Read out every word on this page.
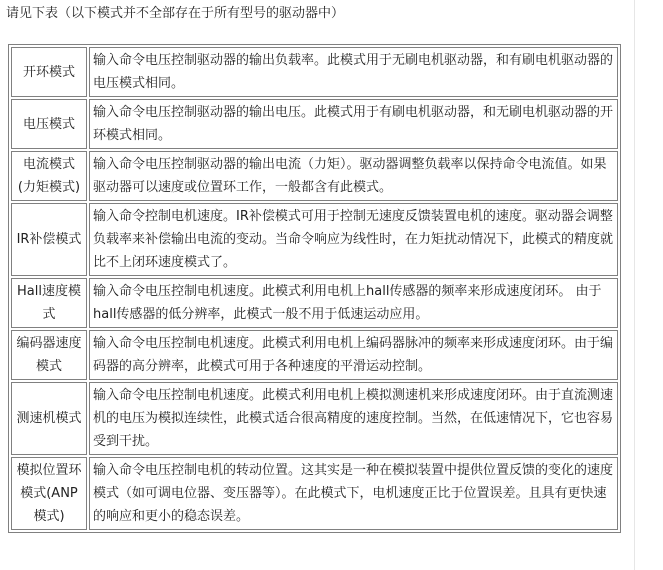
请见下表（以下模式并不全部存在于所有型号的驱动器中）
开环模式	输入命令电压控制驱动器的输出负载率。此模式用于无刷电机驱动器，和有刷电机驱动器的电压模式相同。
电压模式	输入命令电压控制驱动器的输出电压。此模式用于有刷电机驱动器，和无刷电机驱动器的开环模式相同。
电流模式(力矩模式)	输入命令电压控制驱动器的输出电流（力矩）。驱动器调整负载率以保持命令电流值。如果驱动器可以速度或位置环工作，一般都含有此模式。
IR补偿模式	输入命令控制电机速度。IR补偿模式可用于控制无速度反馈装置电机的速度。驱动器会调整负载率来补偿输出电流的变动。当命令响应为线性时，在力矩扰动情况下，此模式的精度就比不上闭环速度模式了。
Hall速度模式	输入命令电压控制电机速度。此模式利用电机上hall传感器的频率来形成速度闭环。 由于hall传感器的低分辨率，此模式一般不用于低速运动应用。
编码器速度模式	输入命令电压控制电机速度。此模式利用电机上编码器脉冲的频率来形成速度闭环。由于编码器的高分辨率，此模式可用于各种速度的平滑运动控制。
测速机模式	输入命令电压控制电机速度。此模式利用电机上模拟测速机来形成速度闭环。由于直流测速机的电压为模拟连续性，此模式适合很高精度的速度控制。当然，在低速情况下，它也容易受到干扰。
模拟位置环模式(ANP 模式)	输入命令电压控制电机的转动位置。这其实是一种在模拟装置中提供位置反馈的变化的速度模式（如可调电位器、变压器等）。在此模式下，电机速度正比于位置误差。且具有更快速的响应和更小的稳态误差。
